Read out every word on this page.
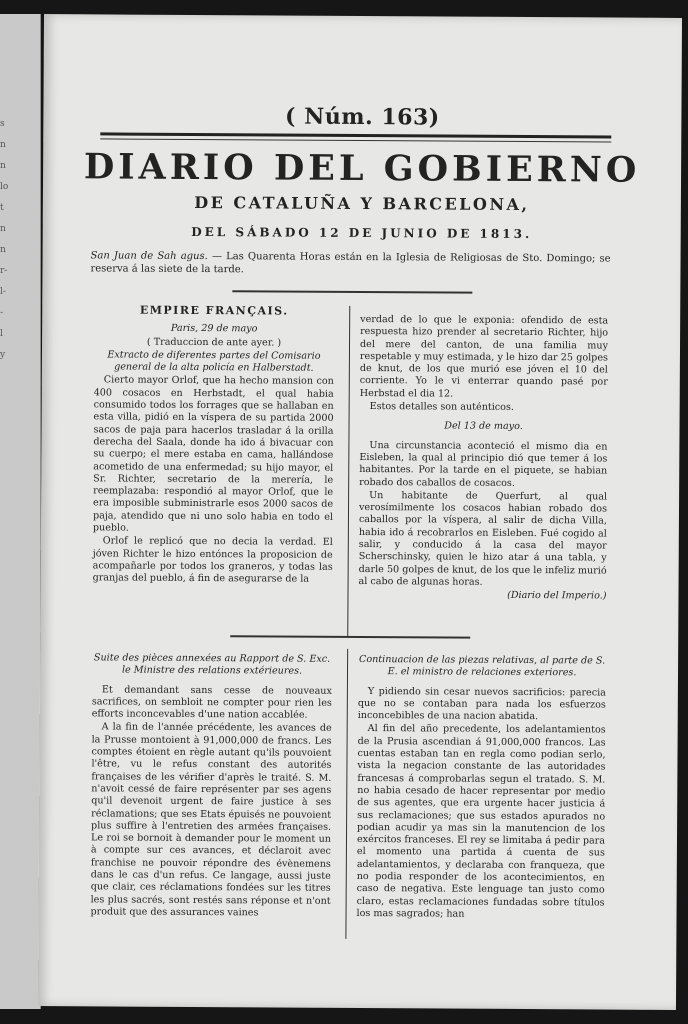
s
n
n
lo
t
n
n
r-
l-
-
l
y
( Núm. 163)
DIARIO DEL GOBIERNO
DE CATALUÑA Y BARCELONA,
DEL SÁBADO 12 DE JUNIO DE 1813.
San Juan de Sah agus. — Las Quarenta Horas están en la Iglesia de Religiosas de Sto. Domingo; se reserva á las siete de la tarde.

EMPIRE FRANÇAIS.

Paris, 29 de mayo

( Traduccion de ante ayer. )

Extracto de diferentes partes del Comisario general de la alta policía en Halberstadt.

Cierto mayor Orlof, que ha hecho mansion con 400 cosacos en Herbstadt, el qual habia consumido todos los forrages que se hallaban en esta villa, pidió en la víspera de su partida 2000 sacos de paja para hacerlos trasladar á la orilla derecha del Saala, donde ha ido á bivacuar con su cuerpo; el mere estaba en cama, hallándose acometido de una enfermedad; su hijo mayor, el Sr. Richter, secretario de la merería, le reemplazaba: respondió al mayor Orlof, que le era imposible subministrarle esos 2000 sacos de paja, atendido que ni uno solo habia en todo el pueblo.

Orlof le replicó que no decia la verdad. El jóven Richter le hizo entónces la proposicion de acompañarle por todos los graneros, y todas las granjas del pueblo, á fin de asegurarse de la

verdad de lo que le exponia: ofendido de esta respuesta hizo prender al secretario Richter, hijo del mere del canton, de una familia muy respetable y muy estimada, y le hizo dar 25 golpes de knut, de los que murió ese jóven el 10 del corriente. Yo le vi enterrar quando pasé por Herbstad el dia 12.

Estos detalles son auténticos.

Del 13 de mayo.

Una circunstancia aconteció el mismo dia en Eisleben, la qual al principio dió que temer á los habitantes. Por la tarde en el piquete, se habian robado dos caballos de cosacos.

Un habitante de Querfurt, al qual verosímilmente los cosacos habian robado dos caballos por la víspera, al salir de dicha Villa, habia ido á recobrarlos en Eisleben. Fué cogido al salir, y conducido á la casa del mayor Scherschinsky, quien le hizo atar á una tabla, y darle 50 golpes de knut, de los que le infeliz murió al cabo de algunas horas.

(Diario del Imperio.)

Suite des pièces annexées au Rapport de S. Exc. le Ministre des relations extérieures.

Et demandant sans cesse de nouveaux sacrifices, on sembloit ne compter pour rien les efforts inconcevables d'une nation accablée.

A la fin de l'année précédente, les avances de la Prusse montoient à 91,000,000 de francs. Les comptes étoient en règle autant qu'ils pouvoient l'être, vu le refus constant des autorités françaises de les vérifier d'après le traité. S. M. n'avoit cessé de faire représenter par ses agens qu'il devenoit urgent de faire justice à ses réclamations; que ses Etats épuisés ne pouvoient plus suffire à l'entretien des armées françaises. Le roi se bornoit à demander pour le moment un à compte sur ces avances, et déclaroit avec franchise ne pouvoir répondre des évènemens dans le cas d'un refus. Ce langage, aussi juste que clair, ces réclamations fondées sur les titres les plus sacrés, sont restés sans réponse et n'ont produit que des assurances vaines

Continuacion de las piezas relativas, al parte de S. E. el ministro de relaciones exteriores.

Y pidiendo sin cesar nuevos sacrificios: parecia que no se contaban para nada los esfuerzos inconcebibles de una nacion abatida.

Al fin del año precedente, los adelantamientos de la Prusia ascendian á 91,000,000 francos. Las cuentas estaban tan en regla como podian serlo, vista la negacion constante de las autoridades francesas á comprobarlas segun el tratado. S. M. no habia cesado de hacer representar por medio de sus agentes, que era urgente hacer justicia á sus reclamaciones; que sus estados apurados no podian acudir ya mas sin la manutencion de los exércitos franceses. El rey se limitaba á pedir para el momento una partida á cuenta de sus adelantamientos, y declaraba con franqueza, que no podia responder de los acontecimientos, en caso de negativa. Este lenguage tan justo como claro, estas reclamaciones fundadas sobre títulos los mas sagrados; han
